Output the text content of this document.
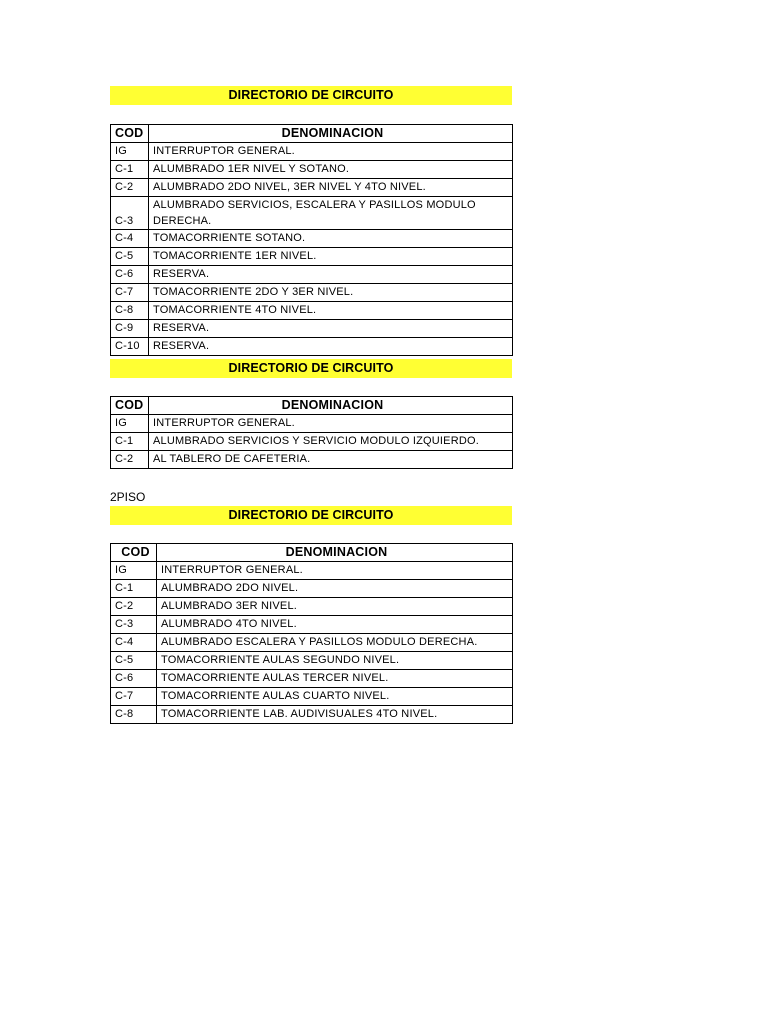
DIRECTORIO DE CIRCUITO
COD	DENOMINACION
IG	INTERRUPTOR GENERAL.
C-1	ALUMBRADO 1ER NIVEL Y SOTANO.
C-2	ALUMBRADO 2DO NIVEL, 3ER NIVEL Y 4TO NIVEL.
C-3	ALUMBRADO SERVICIOS, ESCALERA Y PASILLOS MODULO DERECHA.
C-4	TOMACORRIENTE SOTANO.
C-5	TOMACORRIENTE 1ER NIVEL.
C-6	RESERVA.
C-7	TOMACORRIENTE 2DO Y 3ER NIVEL.
C-8	TOMACORRIENTE 4TO NIVEL.
C-9	RESERVA.
C-10	RESERVA.
DIRECTORIO DE CIRCUITO
COD	DENOMINACION
IG	INTERRUPTOR GENERAL.
C-1	ALUMBRADO SERVICIOS Y SERVICIO MODULO IZQUIERDO.
C-2	AL TABLERO DE CAFETERIA.
2PISO
DIRECTORIO DE CIRCUITO
COD	DENOMINACION
IG	INTERRUPTOR GENERAL.
C-1	ALUMBRADO 2DO NIVEL.
C-2	ALUMBRADO 3ER NIVEL.
C-3	ALUMBRADO 4TO NIVEL.
C-4	ALUMBRADO ESCALERA Y PASILLOS MODULO DERECHA.
C-5	TOMACORRIENTE AULAS SEGUNDO NIVEL.
C-6	TOMACORRIENTE AULAS TERCER NIVEL.
C-7	TOMACORRIENTE AULAS CUARTO NIVEL.
C-8	TOMACORRIENTE LAB. AUDIVISUALES 4TO NIVEL.
